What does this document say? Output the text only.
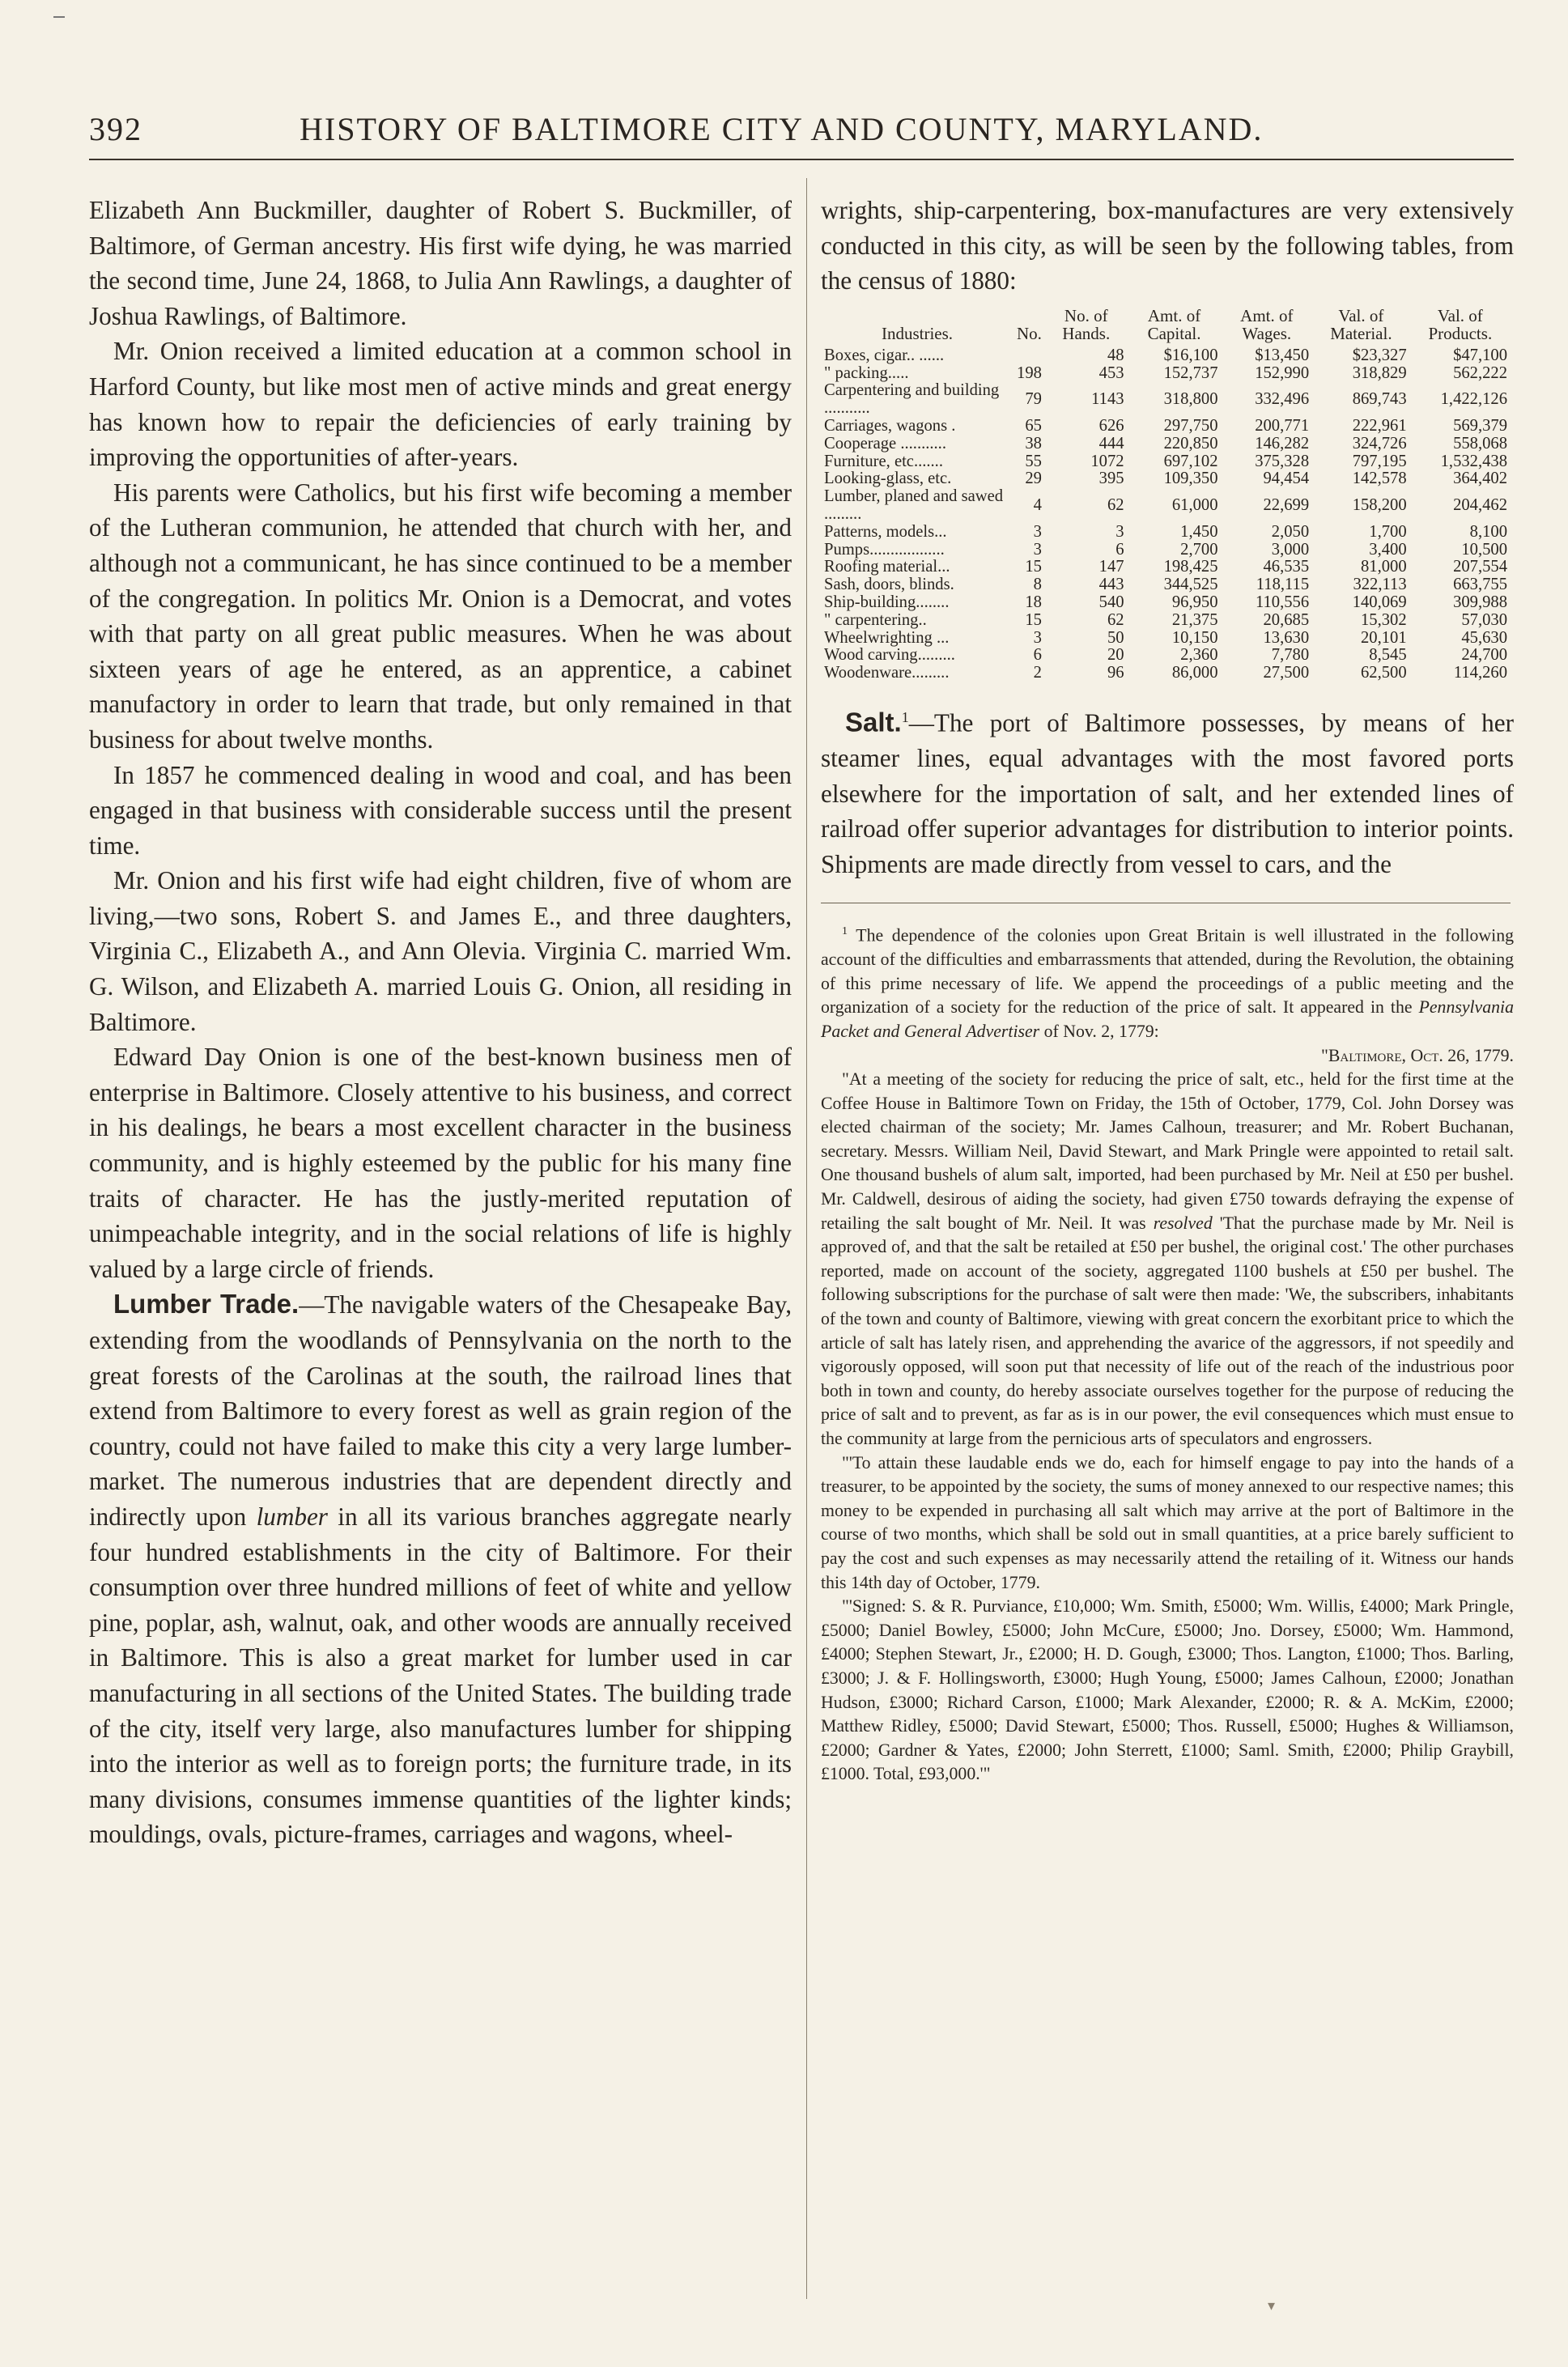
392	HISTORY OF BALTIMORE CITY AND COUNTY, MARYLAND.

Elizabeth Ann Buckmiller, daughter of Robert S. Buckmiller, of Baltimore, of German ancestry. His first wife dying, he was married the second time, June 24, 1868, to Julia Ann Rawlings, a daughter of Joshua Rawlings, of Baltimore.

Mr. Onion received a limited education at a common school in Harford County, but like most men of active minds and great energy has known how to repair the deficiencies of early training by improving the opportunities of after-years.

His parents were Catholics, but his first wife becoming a member of the Lutheran communion, he attended that church with her, and although not a communicant, he has since continued to be a member of the congregation. In politics Mr. Onion is a Democrat, and votes with that party on all great public measures. When he was about sixteen years of age he entered, as an apprentice, a cabinet manufactory in order to learn that trade, but only remained in that business for about twelve months.

In 1857 he commenced dealing in wood and coal, and has been engaged in that business with considerable success until the present time.

Mr. Onion and his first wife had eight children, five of whom are living,—two sons, Robert S. and James E., and three daughters, Virginia C., Elizabeth A., and Ann Olevia. Virginia C. married Wm. G. Wilson, and Elizabeth A. married Louis G. Onion, all residing in Baltimore.

Edward Day Onion is one of the best-known business men of enterprise in Baltimore. Closely attentive to his business, and correct in his dealings, he bears a most excellent character in the business community, and is highly esteemed by the public for his many fine traits of character. He has the justly-merited reputation of unimpeachable integrity, and in the social relations of life is highly valued by a large circle of friends.

Lumber Trade.—The navigable waters of the Chesapeake Bay, extending from the woodlands of Pennsylvania on the north to the great forests of the Carolinas at the south, the railroad lines that extend from Baltimore to every forest as well as grain region of the country, could not have failed to make this city a very large lumber-market. The numerous industries that are dependent directly and indirectly upon lumber in all its various branches aggregate nearly four hundred establishments in the city of Baltimore. For their consumption over three hundred millions of feet of white and yellow pine, poplar, ash, walnut, oak, and other woods are annually received in Baltimore. This is also a great market for lumber used in car manufacturing in all sections of the United States. The building trade of the city, itself very large, also manufactures lumber for shipping into the interior as well as to foreign ports; the furniture trade, in its many divisions, consumes immense quantities of the lighter kinds; mouldings, ovals, picture-frames, carriages and wagons, wheel-

wrights, ship-carpentering, box-manufactures are very extensively conducted in this city, as will be seen by the following tables, from the census of 1880:

Industries.	No.	No. of Hands.	Amt. of Capital.	Amt. of Wages.	Val. of Material.	Val. of Products.
Boxes, cigar.. ......		48	$16,100	$13,450	$23,327	$47,100
" packing.....	198	453	152,737	152,990	318,829	562,222
Carpentering and building ...........	79	1143	318,800	332,496	869,743	1,422,126
Carriages, wagons .	65	626	297,750	200,771	222,961	569,379
Cooperage ...........	38	444	220,850	146,282	324,726	558,068
Furniture, etc.......	55	1072	697,102	375,328	797,195	1,532,438
Looking-glass, etc.	29	395	109,350	94,454	142,578	364,402
Lumber, planed and sawed .........	4	62	61,000	22,699	158,200	204,462
Patterns, models...	3	3	1,450	2,050	1,700	8,100
Pumps..................	3	6	2,700	3,000	3,400	10,500
Roofing material...	15	147	198,425	46,535	81,000	207,554
Sash, doors, blinds.	8	443	344,525	118,115	322,113	663,755
Ship-building........	18	540	96,950	110,556	140,069	309,988
" carpentering..	15	62	21,375	20,685	15,302	57,030
Wheelwrighting ...	3	50	10,150	13,630	20,101	45,630
Wood carving.........	6	20	2,360	7,780	8,545	24,700
Woodenware.........	2	96	86,000	27,500	62,500	114,260

Salt.$^1$—The port of Baltimore possesses, by means of her steamer lines, equal advantages with the most favored ports elsewhere for the importation of salt, and her extended lines of railroad offer superior advantages for distribution to interior points. Shipments are made directly from vessel to cars, and the

$^1$ The dependence of the colonies upon Great Britain is well illustrated in the following account of the difficulties and embarrassments that attended, during the Revolution, the obtaining of this prime necessary of life. We append the proceedings of a public meeting and the organization of a society for the reduction of the price of salt. It appeared in the Pennsylvania Packet and General Advertiser of Nov. 2, 1779:

"Baltimore, Oct. 26, 1779.

"At a meeting of the society for reducing the price of salt, etc., held for the first time at the Coffee House in Baltimore Town on Friday, the 15th of October, 1779, Col. John Dorsey was elected chairman of the society; Mr. James Calhoun, treasurer; and Mr. Robert Buchanan, secretary. Messrs. William Neil, David Stewart, and Mark Pringle were appointed to retail salt. One thousand bushels of alum salt, imported, had been purchased by Mr. Neil at £50 per bushel. Mr. Caldwell, desirous of aiding the society, had given £750 towards defraying the expense of retailing the salt bought of Mr. Neil. It was resolved 'That the purchase made by Mr. Neil is approved of, and that the salt be retailed at £50 per bushel, the original cost.' The other purchases reported, made on account of the society, aggregated 1100 bushels at £50 per bushel. The following subscriptions for the purchase of salt were then made: 'We, the subscribers, inhabitants of the town and county of Baltimore, viewing with great concern the exorbitant price to which the article of salt has lately risen, and apprehending the avarice of the aggressors, if not speedily and vigorously opposed, will soon put that necessity of life out of the reach of the industrious poor both in town and county, do hereby associate ourselves together for the purpose of reducing the price of salt and to prevent, as far as is in our power, the evil consequences which must ensue to the community at large from the pernicious arts of speculators and engrossers.

"'To attain these laudable ends we do, each for himself engage to pay into the hands of a treasurer, to be appointed by the society, the sums of money annexed to our respective names; this money to be expended in purchasing all salt which may arrive at the port of Baltimore in the course of two months, which shall be sold out in small quantities, at a price barely sufficient to pay the cost and such expenses as may necessarily attend the retailing of it. Witness our hands this 14th day of October, 1779.

"'Signed: S. & R. Purviance, £10,000; Wm. Smith, £5000; Wm. Willis, £4000; Mark Pringle, £5000; Daniel Bowley, £5000; John McCure, £5000; Jno. Dorsey, £5000; Wm. Hammond, £4000; Stephen Stewart, Jr., £2000; H. D. Gough, £3000; Thos. Langton, £1000; Thos. Barling, £3000; J. & F. Hollingsworth, £3000; Hugh Young, £5000; James Calhoun, £2000; Jonathan Hudson, £3000; Richard Carson, £1000; Mark Alexander, £2000; R. & A. McKim, £2000; Matthew Ridley, £5000; David Stewart, £5000; Thos. Russell, £5000; Hughes & Williamson, £2000; Gardner & Yates, £2000; John Sterrett, £1000; Saml. Smith, £2000; Philip Graybill, £1000. Total, £93,000.'"

▾
